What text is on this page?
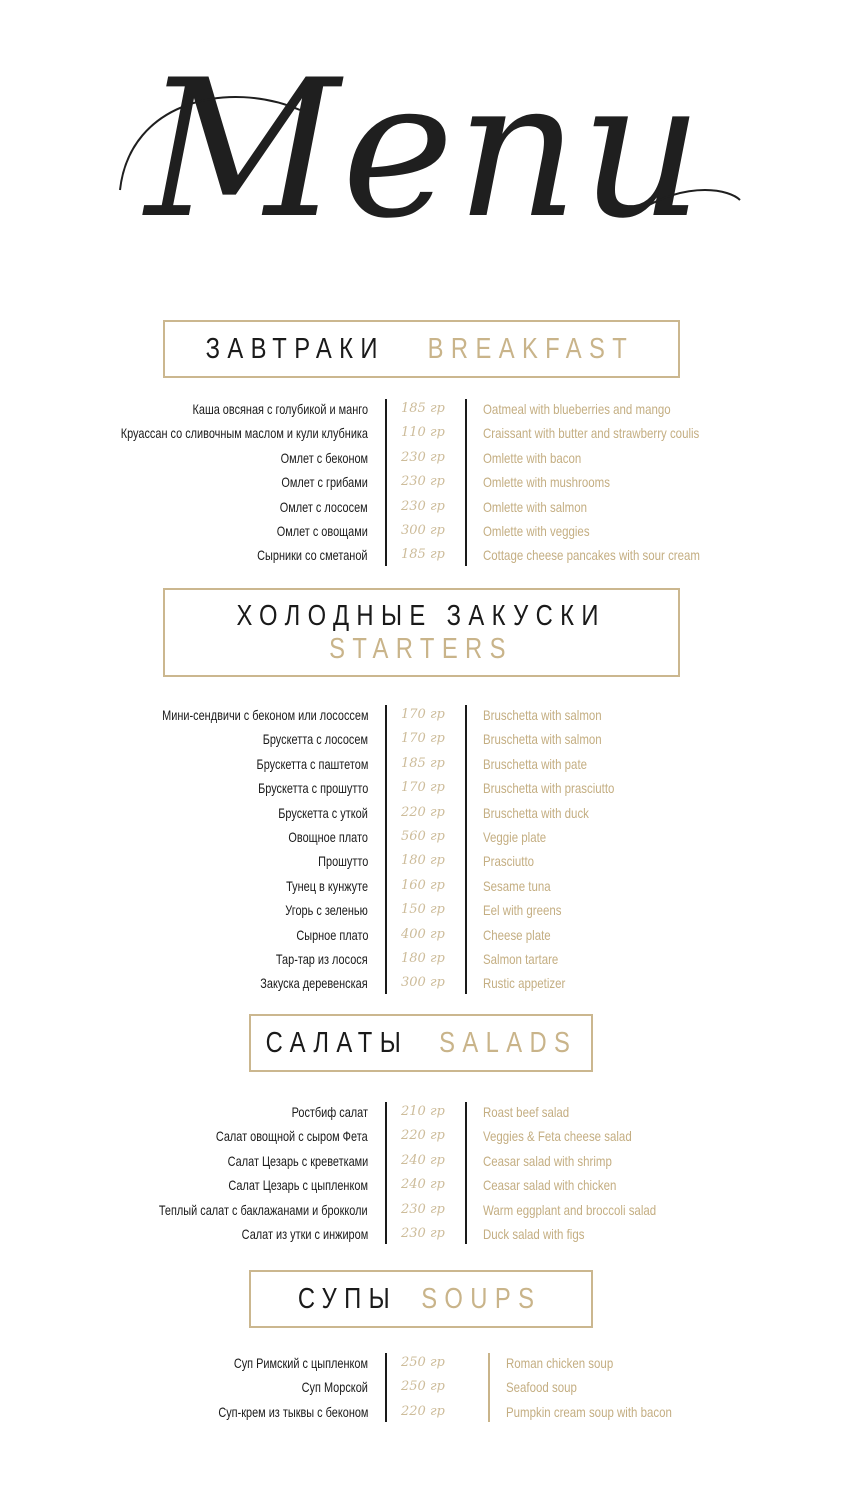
Menu
ЗАВТРАКИ BREAKFAST
Каша овсяная с голубикой и манго	185 гр	Oatmeal with blueberries and mango
Круассан со сливочным маслом и кули клубника	110 гр	Craissant with butter and strawberry coulis
Омлет с беконом	230 гр	Omlette with bacon
Омлет с грибами	230 гр	Omlette with mushrooms
Омлет с лососем	230 гр	Omlette with salmon
Омлет с овощами	300 гр	Omlette with veggies
Сырники со сметаной	185 гр	Cottage cheese pancakes with sour cream
ХОЛОДНЫЕ ЗАКУСКИ
STARTERS
Мини-сендвичи с беконом или лососсем	170 гр	Bruschetta with salmon
Брускетта с лососем	170 гр	Bruschetta with salmon
Брускетта с паштетом	185 гр	Bruschetta with pate
Брускетта с прошутто	170 гр	Bruschetta with prasciutto
Брускетта с уткой	220 гр	Bruschetta with duck
Овощное плато	560 гр	Veggie plate
Прошутто	180 гр	Prasciutto
Тунец в кунжуте	160 гр	Sesame tuna
Угорь с зеленью	150 гр	Eel with greens
Сырное плато	400 гр	Cheese plate
Тар-тар из лосося	180 гр	Salmon tartare
Закуска деревенская	300 гр	Rustic appetizer
САЛАТЫ SALADS
Ростбиф салат	210 гр	Roast beef salad
Салат овощной с сыром Фета	220 гр	Veggies & Feta cheese salad
Салат Цезарь с креветками	240 гр	Ceasar salad with shrimp
Салат Цезарь с цыпленком	240 гр	Ceasar salad with chicken
Теплый салат с баклажанами и брокколи	230 гр	Warm eggplant and broccoli salad
Салат из утки с инжиром	230 гр	Duck salad with figs
СУПЫ SOUPS
Суп Римский с цыпленком	250 гр	Roman chicken soup
Суп Морской	250 гр	Seafood soup
Суп-крем из тыквы с беконом	220 гр	Pumpkin cream soup with bacon
